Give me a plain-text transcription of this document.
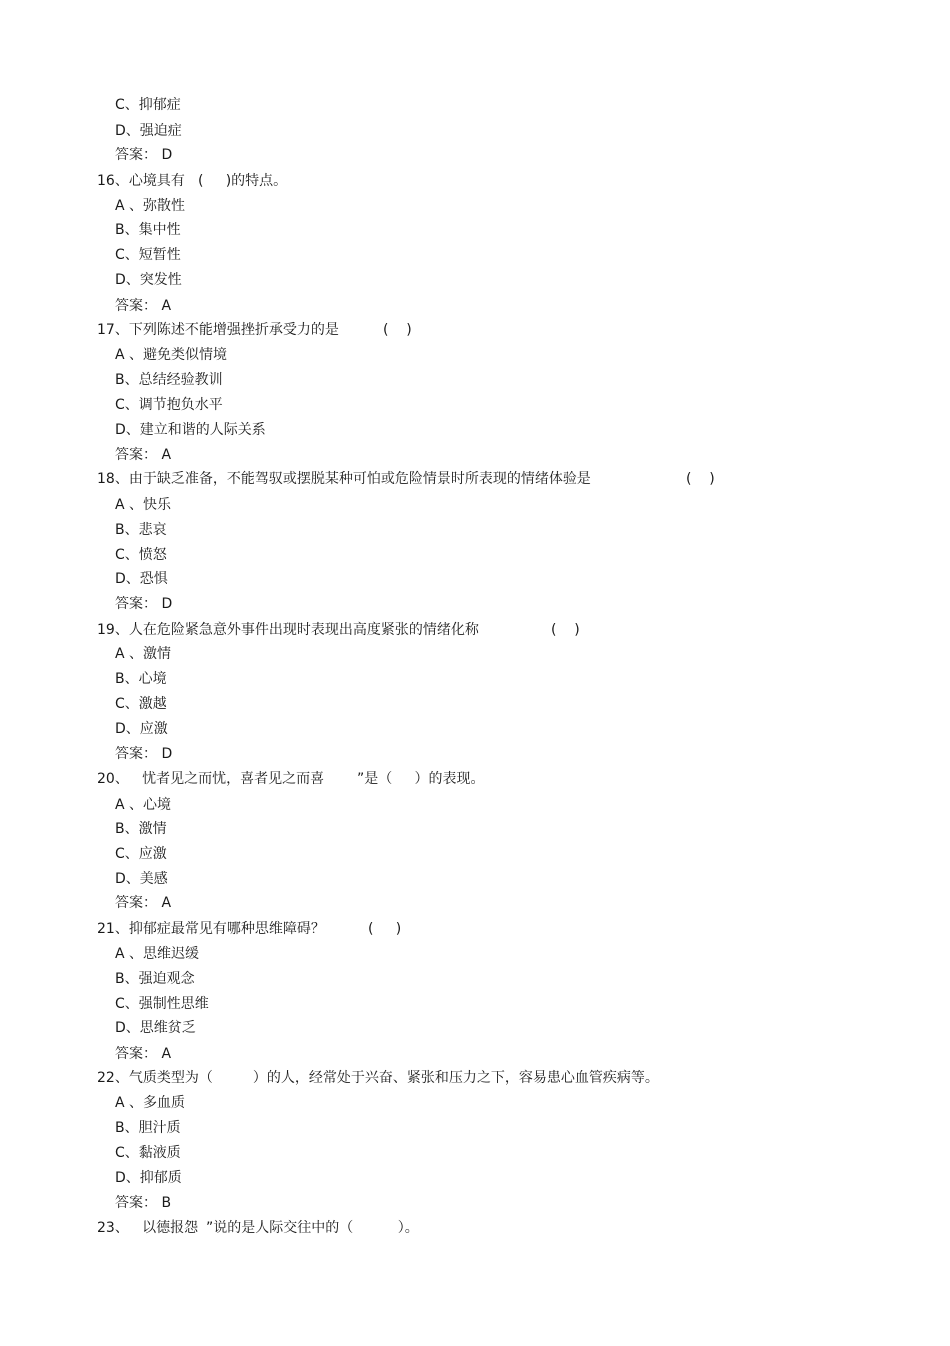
C、抑郁症
D、强迫症
答案： D
16、心境具有 (     )的特点。
A 、弥散性
B、集中性
C、短暂性
D、突发性
答案： A
17、下列陈述不能增强挫折承受力的是	(    )
A 、避免类似情境
B、总结经验教训
C、调节抱负水平
D、建立和谐的人际关系
答案： A
18、由于缺乏准备，不能驾驭或摆脱某种可怕或危险情景时所表现的情绪体验是	(    )
A 、快乐
B、悲哀
C、愤怒
D、恐惧
答案： D
19、人在危险紧急意外事件出现时表现出高度紧张的情绪化称	(    )
A 、激情
B、心境
C、激越
D、应激
答案： D
20、   忧者见之而忧，喜者见之而喜 ”是（     ）的表现。
A 、心境
B、激情
C、应激
D、美感
答案： A
21、抑郁症最常见有哪种思维障碍？	(     )
A 、思维迟缓
B、强迫观念
C、强制性思维
D、思维贫乏
答案： A
22、气质类型为（         ）的人，经常处于兴奋、紧张和压力之下，容易患心血管疾病等。
A 、多血质
B、胆汁质
C、黏液质
D、抑郁质
答案： B
23、   以德报怨 ”说的是人际交往中的（          ）。
